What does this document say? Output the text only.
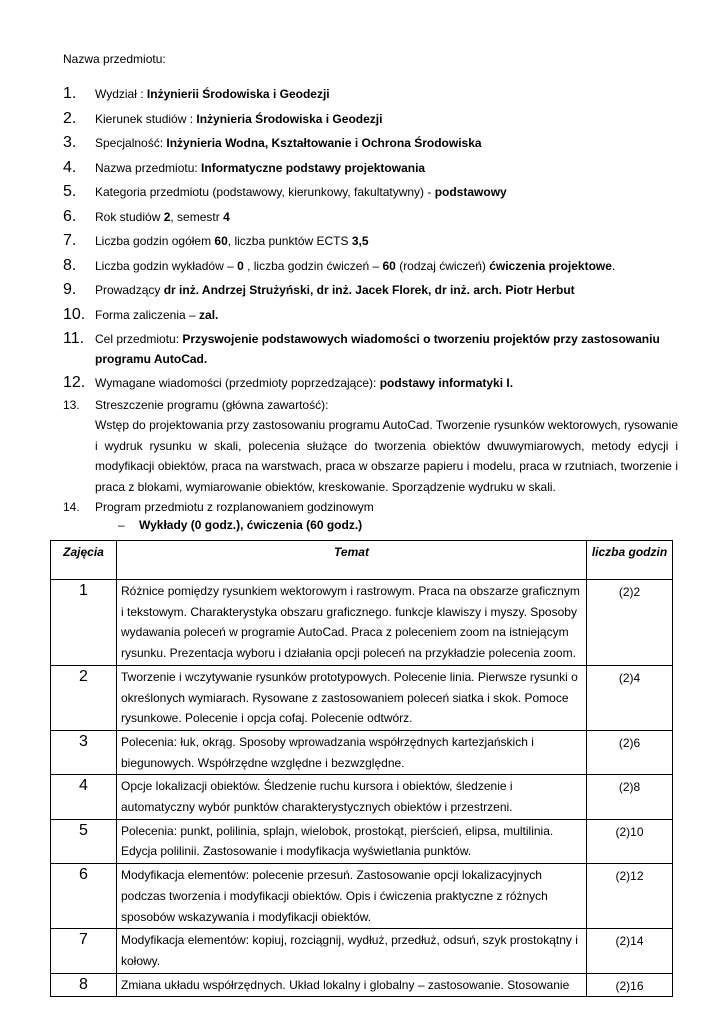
Nazwa przedmiotu:
1. Wydział : Inżynierii Środowiska i Geodezji
2. Kierunek studiów : Inżynieria Środowiska i Geodezji
3. Specjalność: Inżynieria Wodna, Kształtowanie i Ochrona Środowiska
4. Nazwa przedmiotu: Informatyczne podstawy projektowania
5. Kategoria przedmiotu (podstawowy, kierunkowy, fakultatywny) - podstawowy
6. Rok studiów 2, semestr 4
7. Liczba godzin ogółem 60, liczba punktów ECTS 3,5
8. Liczba godzin wykładów – 0 , liczba godzin ćwiczeń – 60 (rodzaj ćwiczeń) ćwiczenia projektowe.
9. Prowadzący dr inż. Andrzej Strużyński, dr inż. Jacek Florek, dr inż. arch. Piotr Herbut
10. Forma zaliczenia – zal.
11. Cel przedmiotu: Przyswojenie podstawowych wiadomości o tworzeniu projektów przy zastosowaniu programu AutoCad.
12. Wymagane wiadomości (przedmioty poprzedzające): podstawy informatyki I.
13. Streszczenie programu (główna zawartość):
Wstęp do projektowania przy zastosowaniu programu AutoCad. Tworzenie rysunków wektorowych, rysowanie i wydruk rysunku w skali, polecenia służące do tworzenia obiektów dwuwymiarowych, metody edycji i modyfikacji obiektów, praca na warstwach, praca w obszarze papieru i modelu, praca w rzutniach, tworzenie i praca z blokami, wymiarowanie obiektów, kreskowanie. Sporządzenie wydruku w skali.
14. Program przedmiotu z rozplanowaniem godzinowym
– Wykłady (0 godz.), ćwiczenia (60 godz.)
Zajęcia	Temat	liczba godzin
1	Różnice pomiędzy rysunkiem wektorowym i rastrowym. Praca na obszarze graficznym i tekstowym. Charakterystyka obszaru graficznego. funkcje klawiszy i myszy. Sposoby wydawania poleceń w programie AutoCad. Praca z poleceniem zoom na istniejącym rysunku. Prezentacja wyboru i działania opcji poleceń na przykładzie polecenia zoom.	(2)2
2	Tworzenie i wczytywanie rysunków prototypowych. Polecenie linia. Pierwsze rysunki o określonych wymiarach. Rysowane z zastosowaniem poleceń siatka i skok. Pomoce rysunkowe. Polecenie i opcja cofaj. Polecenie odtwórz.	(2)4
3	Polecenia: łuk, okrąg. Sposoby wprowadzania współrzędnych kartezjańskich i biegunowych. Współrzędne względne i bezwzględne.	(2)6
4	Opcje lokalizacji obiektów. Śledzenie ruchu kursora i obiektów, śledzenie i automatyczny wybór punktów charakterystycznych obiektów i przestrzeni.	(2)8
5	Polecenia: punkt, polilinia, splajn, wielobok, prostokąt, pierścień, elipsa, multilinia. Edycja polilinii. Zastosowanie i modyfikacja wyświetlania punktów.	(2)10
6	Modyfikacja elementów: polecenie przesuń. Zastosowanie opcji lokalizacyjnych podczas tworzenia i modyfikacji obiektów. Opis i ćwiczenia praktyczne z różnych sposobów wskazywania i modyfikacji obiektów.	(2)12
7	Modyfikacja elementów: kopiuj, rozciągnij, wydłuż, przedłuż, odsuń, szyk prostokątny i kołowy.	(2)14
8	Zmiana układu współrzędnych. Układ lokalny i globalny – zastosowanie. Stosowanie	(2)16
